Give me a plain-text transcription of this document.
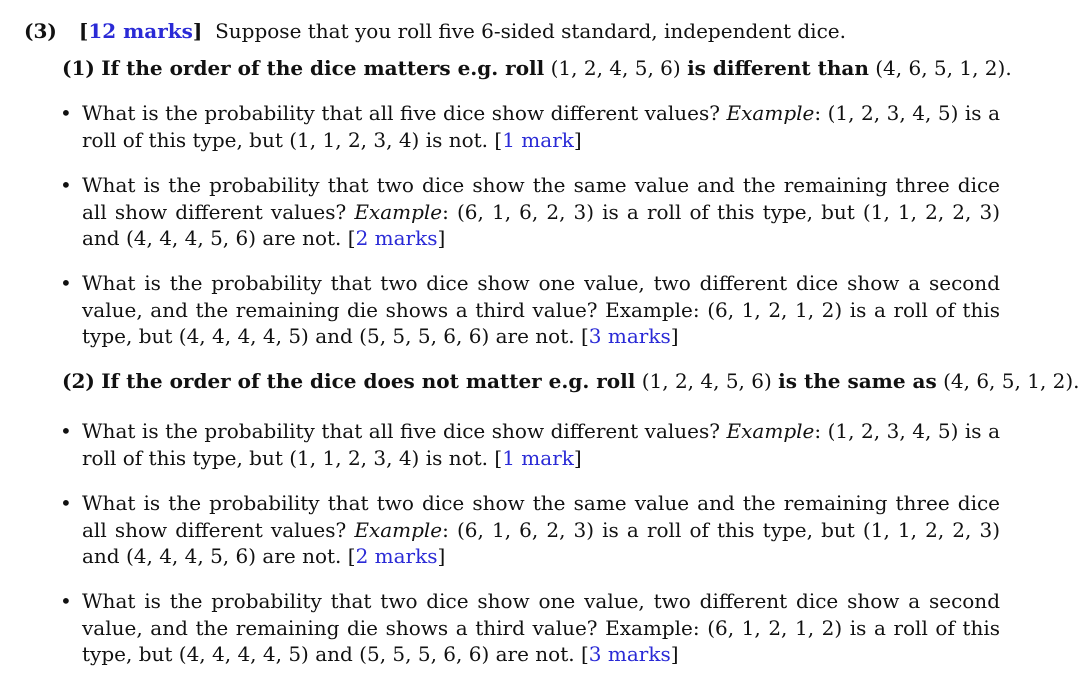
(3) [12 marks] Suppose that you roll five 6-sided standard, independent dice.
(1) If the order of the dice matters e.g. roll (1, 2, 4, 5, 6) is different than (4, 6, 5, 1, 2).
• What is the probability that all five dice show different values? Example: (1, 2, 3, 4, 5) is a roll of this type, but (1, 1, 2, 3, 4) is not. [1 mark]
• What is the probability that two dice show the same value and the remaining three dice all show different values? Example: (6, 1, 6, 2, 3) is a roll of this type, but (1, 1, 2, 2, 3) and (4, 4, 4, 5, 6) are not. [2 marks]
• What is the probability that two dice show one value, two different dice show a second value, and the remaining die shows a third value? Example: (6, 1, 2, 1, 2) is a roll of this type, but (4, 4, 4, 4, 5) and (5, 5, 5, 6, 6) are not. [3 marks]
(2) If the order of the dice does not matter e.g. roll (1, 2, 4, 5, 6) is the same as (4, 6, 5, 1, 2).
• What is the probability that all five dice show different values? Example: (1, 2, 3, 4, 5) is a roll of this type, but (1, 1, 2, 3, 4) is not. [1 mark]
• What is the probability that two dice show the same value and the remaining three dice all show different values? Example: (6, 1, 6, 2, 3) is a roll of this type, but (1, 1, 2, 2, 3) and (4, 4, 4, 5, 6) are not. [2 marks]
• What is the probability that two dice show one value, two different dice show a second value, and the remaining die shows a third value? Example: (6, 1, 2, 1, 2) is a roll of this type, but (4, 4, 4, 4, 5) and (5, 5, 5, 6, 6) are not. [3 marks]
